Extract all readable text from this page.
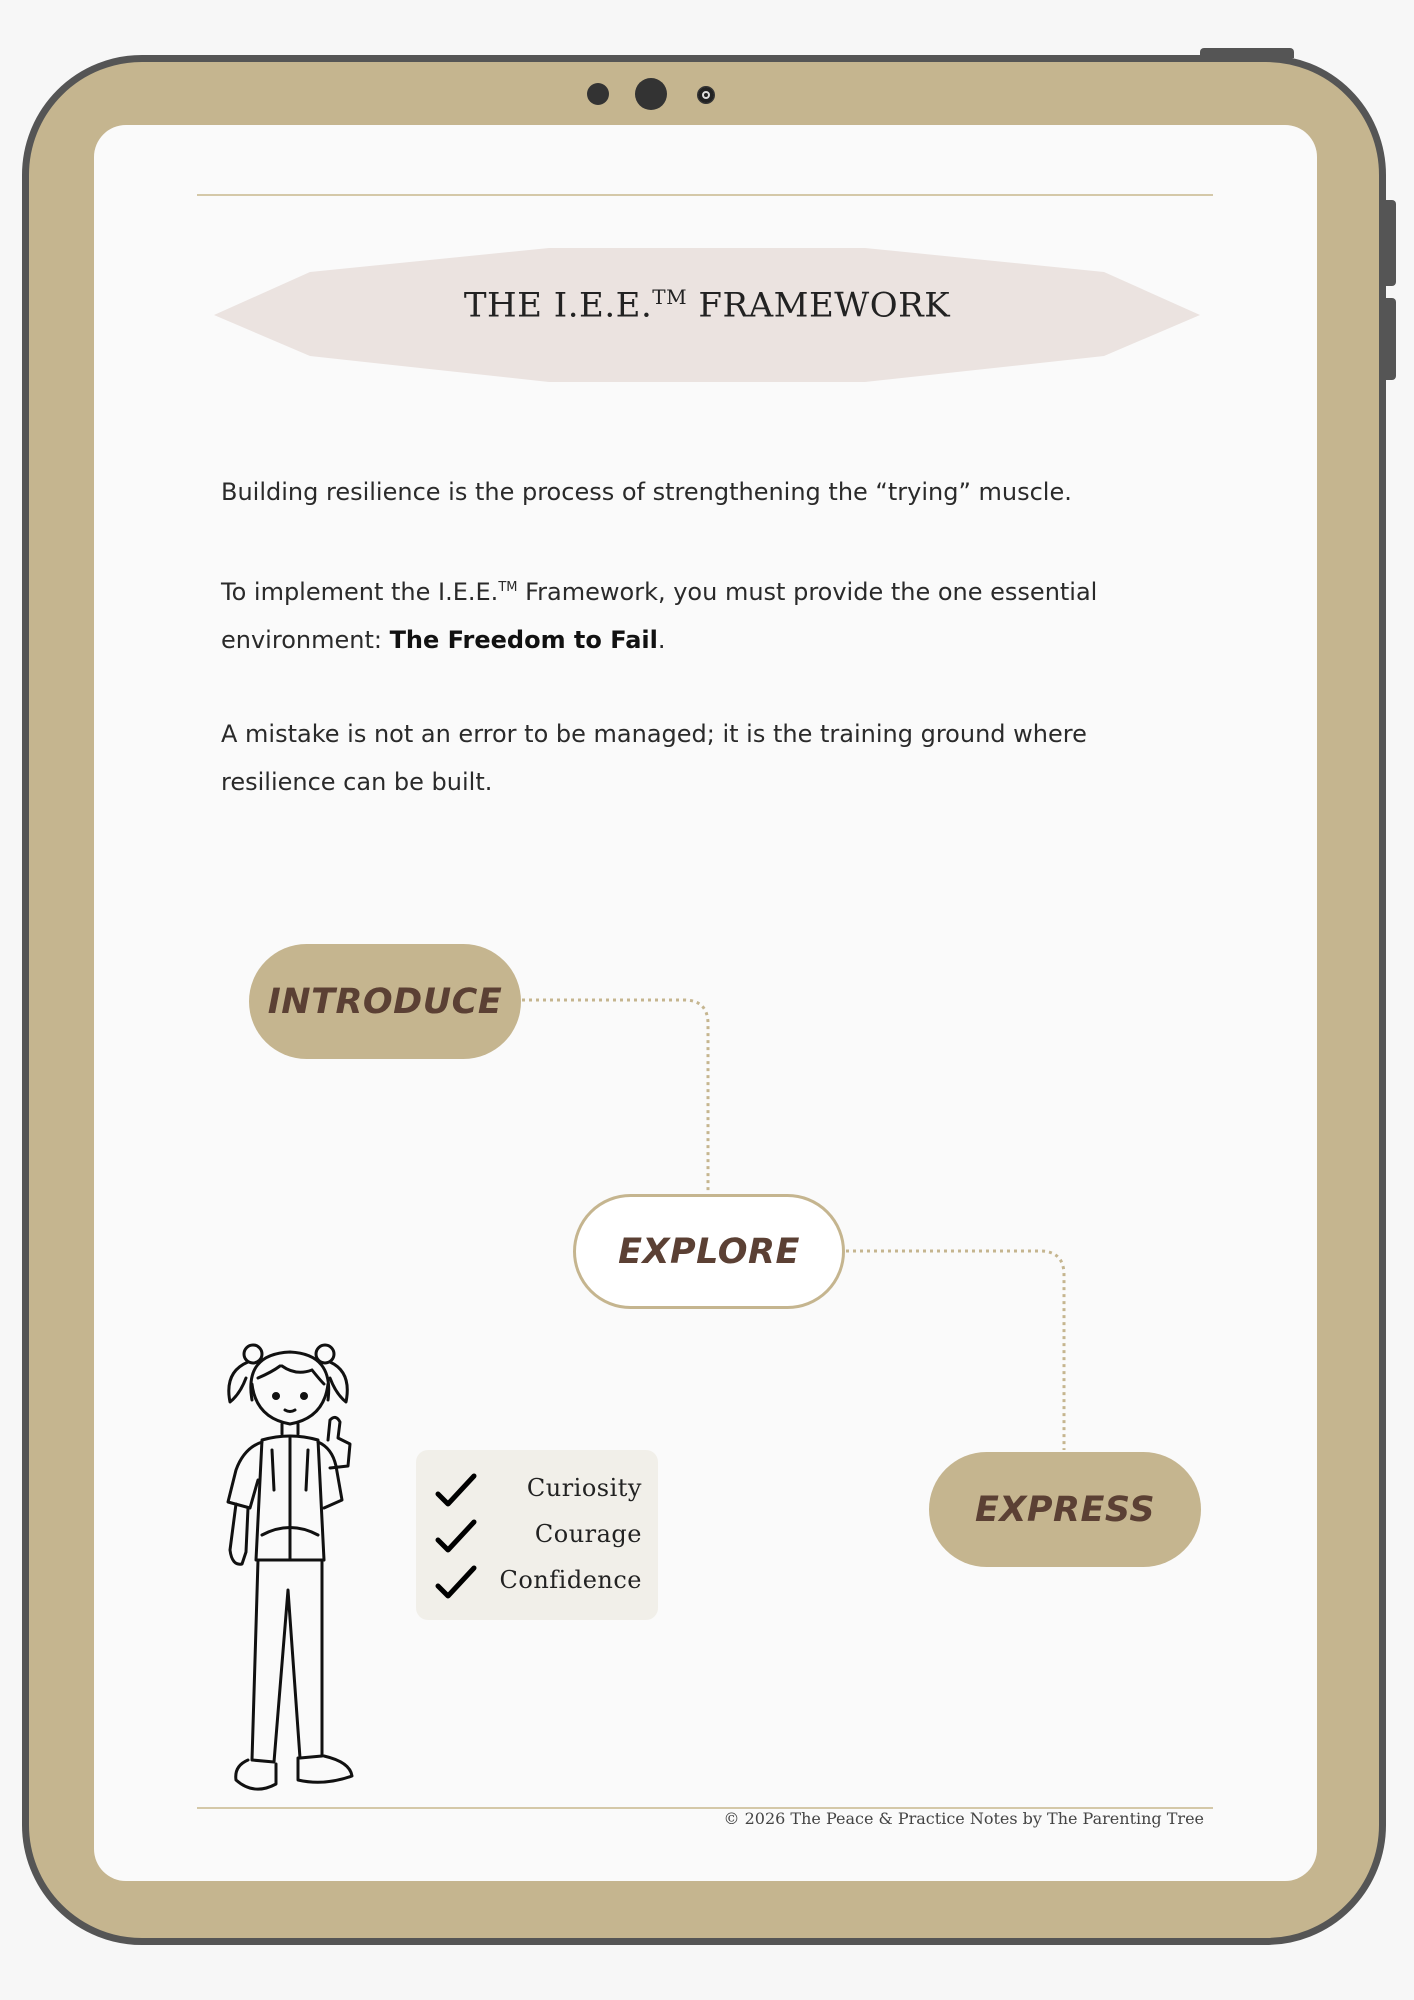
THE I.E.E.™ FRAMEWORK
Building resilience is the process of strengthening the “trying” muscle.
To implement the I.E.E.™ Framework, you must provide the one essential environment: The Freedom to Fail.
A mistake is not an error to be managed; it is the training ground where resilience can be built.
INTRODUCE
EXPLORE
EXPRESS
Curiosity
Courage
Confidence
© 2026 The Peace & Practice Notes by The Parenting Tree
